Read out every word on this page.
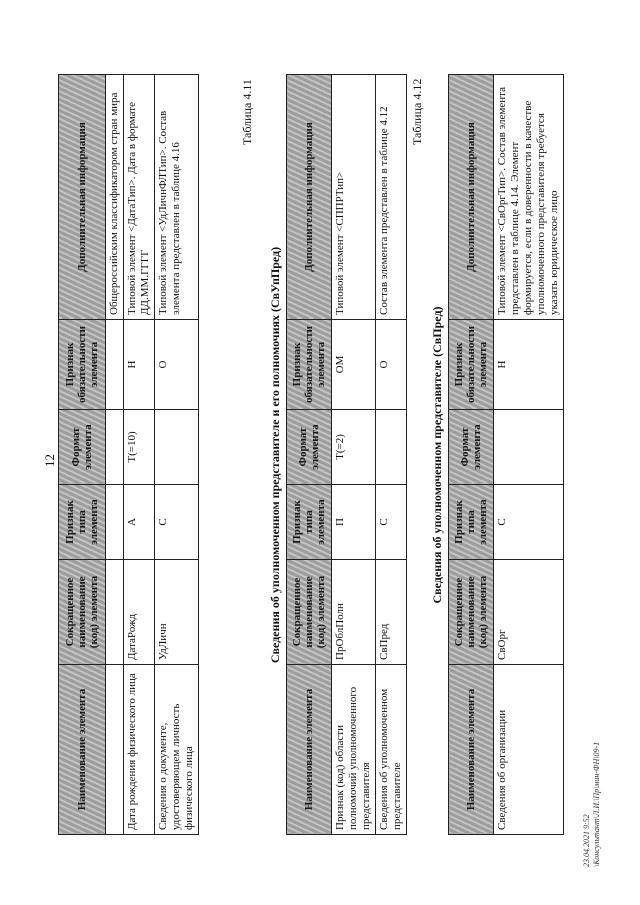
12
Наименование элемента	Сокращенное наименование (код) элемента	Признак типа элемента	Формат элемента	Признак обязательности элемента	Дополнительная информация
					Общероссийским классификатором стран мира
Дата рождения физического лица	ДатаРожд	А	T(=10)	Н	Типовой элемент <ДатаТип>. Дата в формате ДД.ММ.ГГГГ
Сведения о документе, удостоверяющем личность физического лица	УдЛичн	С		О	Типовой элемент <УдЛичнФЛТип>. Состав элемента представлен в таблице 4.16
Таблица 4.11
Сведения об уполномоченном представителе и его полномочиях (СвУпПред)
Наименование элемента	Сокращенное наименование (код) элемента	Признак типа элемента	Формат элемента	Признак обязательности элемента	Дополнительная информация
Признак (код) области полномочий уполномоченного представителя	ПрОблПолн	П	T(=2)	ОМ	Типовой элемент <СППРТип>
Сведения об уполномоченном представителе	СвПред	С		О	Состав элемента представлен в таблице 4.12 Таблица 4.12
Сведения об уполномоченном представителе (СвПред)
Наименование элемента	Сокращенное наименование (код) элемента	Признак типа элемента	Формат элемента	Признак обязательности элемента	Дополнительная информация
Сведения об организации	СвОрг	С		Н	Типовой элемент <СвОргТип>. Состав элемента представлен в таблице 4.14. Элемент формируется, если в доверенности в качестве уполномоченного представителя требуется указать юридическое лицо
23.04.2021 9:52 \Консультант\Л.И.\Пр\мин-ФН\09-1
